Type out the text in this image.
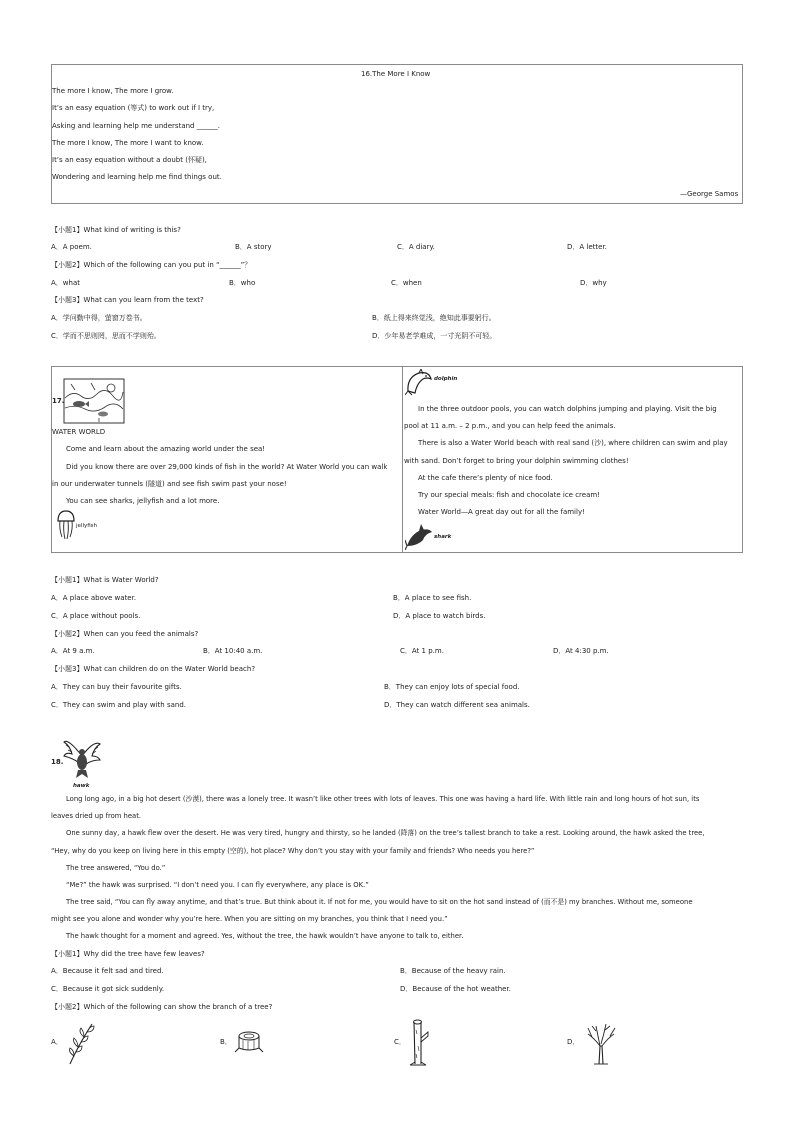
16.The More I Know
The more I know, The more I grow.
It’s an easy equation (等式) to work out if I try,
Asking and learning help me understand ______.
The more I know, The more I want to know.
It’s an easy equation without a doubt (怀疑),
Wondering and learning help me find things out.
—George Samos
【小题1】What kind of writing is this?
A．A poem.	B．A story	C．A diary.	D．A letter.
【小题2】Which of the following can you put in “______”？
A．what	B．who	C．when	D．why
【小题3】What can you learn from the text?
A．学问勤中得，萤窗万卷书。	B．纸上得来终觉浅，绝知此事要躬行。
C．学而不思则罔，思而不学则殆。	D．少年易老学难成，一寸光阴不可轻。
17.
WATER WORLD
Come and learn about the amazing world under the sea!
Did you know there are over 29,000 kinds of fish in the world? At Water World you can walk
in our underwater tunnels (隧道) and see fish swim past your nose!
You can see sharks, jellyfish and a lot more.
jellyfish
dolphin
In the three outdoor pools, you can watch dolphins jumping and playing. Visit the big
pool at 11 a.m. – 2 p.m., and you can help feed the animals.
There is also a Water World beach with real sand (沙), where children can swim and play
with sand. Don’t forget to bring your dolphin swimming clothes!
At the cafe there’s plenty of nice food.
Try our special meals: fish and chocolate ice cream!
Water World—A great day out for all the family!
shark
【小题1】What is Water World?
A．A place above water.	B．A place to see fish.
C．A place without pools.	D．A place to watch birds.
【小题2】When can you feed the animals?
A．At 9 a.m.	B．At 10:40 a.m.	C．At 1 p.m.	D．At 4:30 p.m.
【小题3】What can children do on the Water World beach?
A．They can buy their favourite gifts.	B．They can enjoy lots of special food.
C．They can swim and play with sand.	D．They can watch different sea animals.
18.
hawk
Long long ago, in a big hot desert (沙漠), there was a lonely tree. It wasn’t like other trees with lots of leaves. This one was having a hard life. With little rain and long hours of hot sun, its
leaves dried up from heat.
One sunny day, a hawk flew over the desert. He was very tired, hungry and thirsty, so he landed (降落) on the tree’s tallest branch to take a rest. Looking around, the hawk asked the tree,
“Hey, why do you keep on living here in this empty (空的), hot place? Why don’t you stay with your family and friends? Who needs you here?”
The tree answered, “You do.”
“Me?” the hawk was surprised. “I don’t need you. I can fly everywhere, any place is OK.”
The tree said, “You can fly away anytime, and that’s true. But think about it. If not for me, you would have to sit on the hot sand instead of (而不是) my branches. Without me, someone
might see you alone and wonder why you’re here. When you are sitting on my branches, you think that I need you.”
The hawk thought for a moment and agreed. Yes, without the tree, the hawk wouldn’t have anyone to talk to, either.
【小题1】Why did the tree have few leaves?
A．Because it felt sad and tired.	B．Because of the heavy rain.
C．Because it got sick suddenly.	D．Because of the hot weather.
【小题2】Which of the following can show the branch of a tree?
A．	B．	C．	D．
